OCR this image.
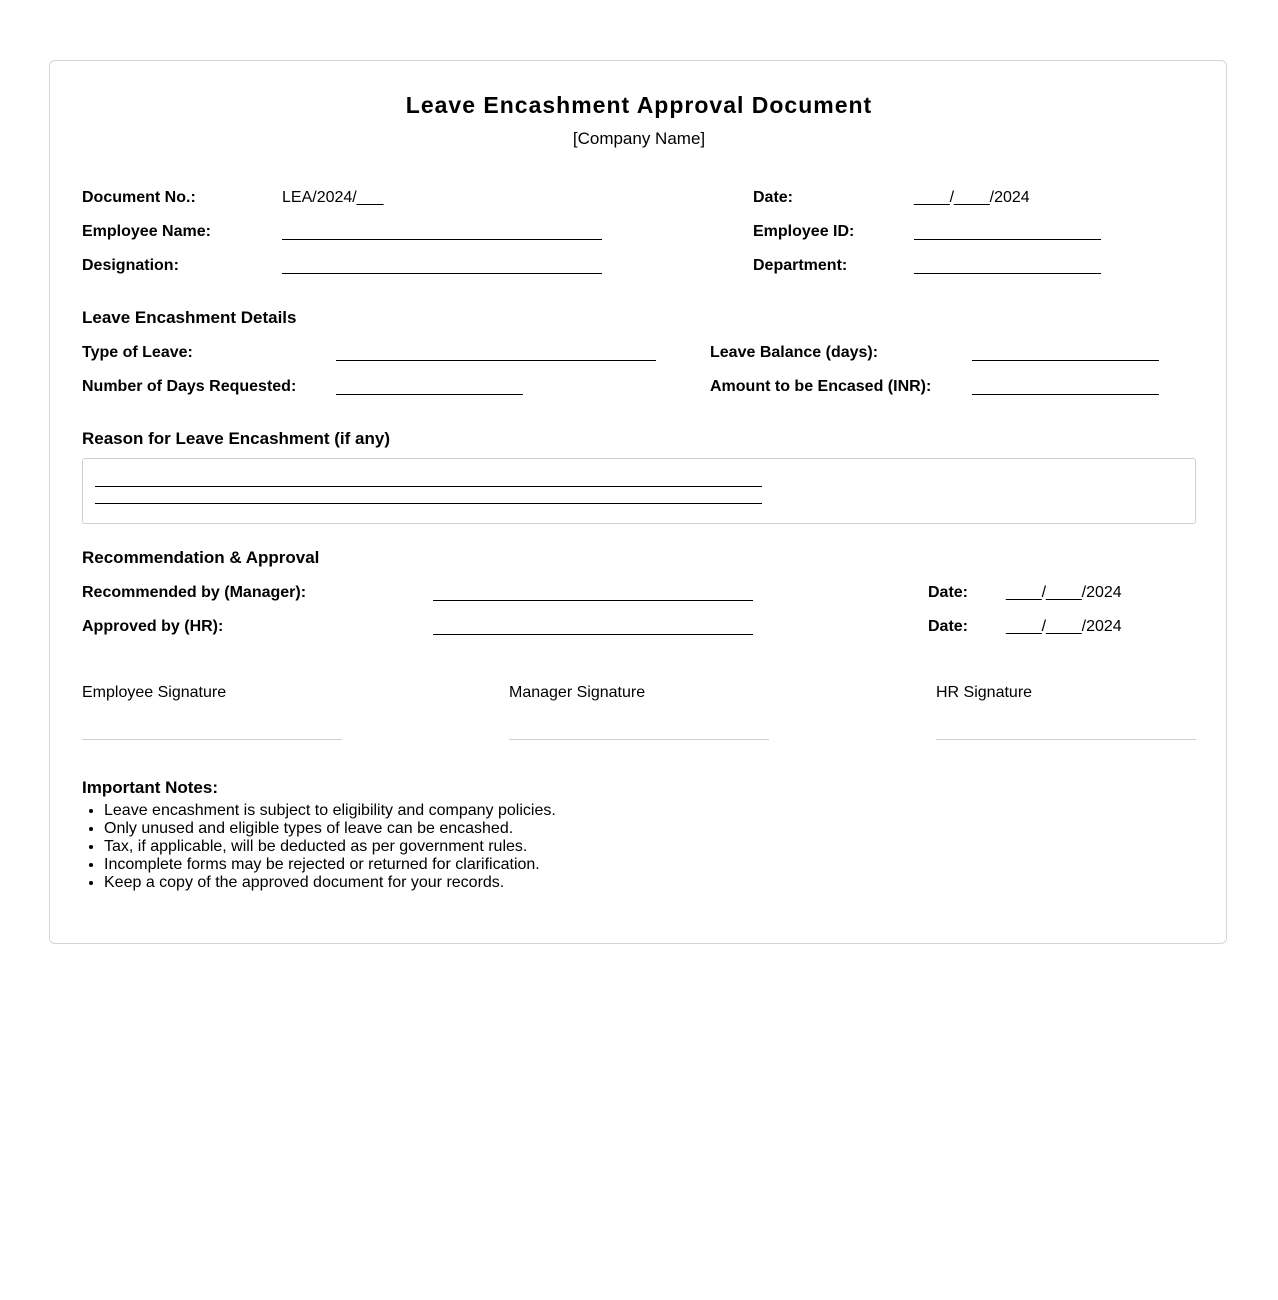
Leave Encashment Approval Document
[Company Name]
Document No.:	LEA/2024/___	Date:	____/____/2024
Employee Name:	Employee ID:
Designation:	Department:
Leave Encashment Details
Type of Leave:	Leave Balance (days):
Number of Days Requested:	Amount to be Encased (INR):
Reason for Leave Encashment (if any)
Recommendation & Approval
Recommended by (Manager):	Date: ____/____/2024
Approved by (HR):	Date: ____/____/2024
Employee Signature	Manager Signature	HR Signature
Important Notes:
• Leave encashment is subject to eligibility and company policies.
• Only unused and eligible types of leave can be encashed.
• Tax, if applicable, will be deducted as per government rules.
• Incomplete forms may be rejected or returned for clarification.
• Keep a copy of the approved document for your records.
